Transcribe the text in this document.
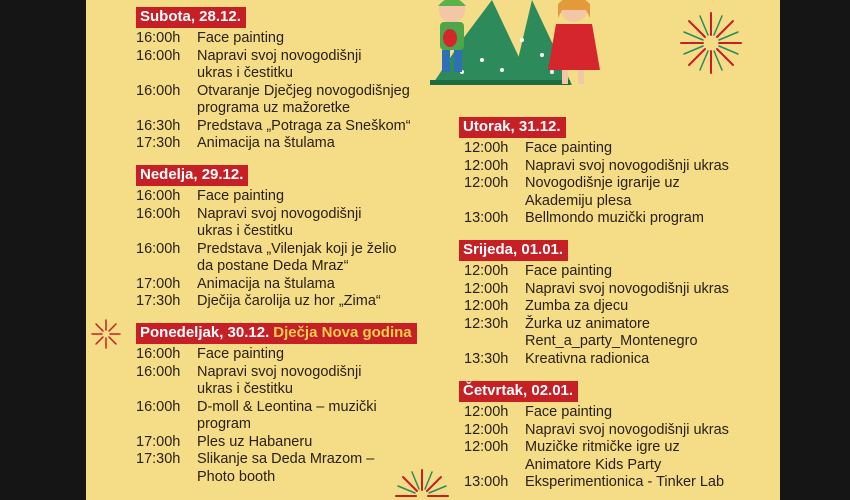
Subota, 28.12.
16:00h	Face painting
16:00h	Napravi svoj novogodišnji ukras i čestitku
16:00h	Otvaranje Dječjeg novogodišnjeg programa uz mažoretke
16:30h	Predstava „Potraga za Sneškom“
17:30h	Animacija na štulama
Nedelja, 29.12.
16:00h	Face painting
16:00h	Napravi svoj novogodišnji ukras i čestitku
16:00h	Predstava „Vilenjak koji je želio da postane Deda Mraz“
17:00h	Animacija na štulama
17:30h	Dječija čarolija uz hor „Zima“
Ponedeljak, 30.12. Dječja Nova godina
16:00h	Face painting
16:00h	Napravi svoj novogodišnji ukras i čestitku
16:00h	D-moll & Leontina – muzički program
17:00h	Ples uz Habaneru
17:30h	Slikanje sa Deda Mrazom – Photo booth
Utorak, 31.12.
12:00h	Face painting
12:00h	Napravi svoj novogodišnji ukras
12:00h	Novogodišnje igrarije uz Akademiju plesa
13:00h	Bellmondo muzički program
Srijeda, 01.01.
12:00h	Face painting
12:00h	Napravi svoj novogodišnji ukras
12:00h	Zumba za djecu
12:30h	Žurka uz animatore Rent_a_party_Montenegro
13:30h	Kreativna radionica
Četvrtak, 02.01.
12:00h	Face painting
12:00h	Napravi svoj novogodišnji ukras
12:00h	Muzičke ritmičke igre uz Animatore Kids Party
13:00h	Eksperimentionica - Tinker Lab
